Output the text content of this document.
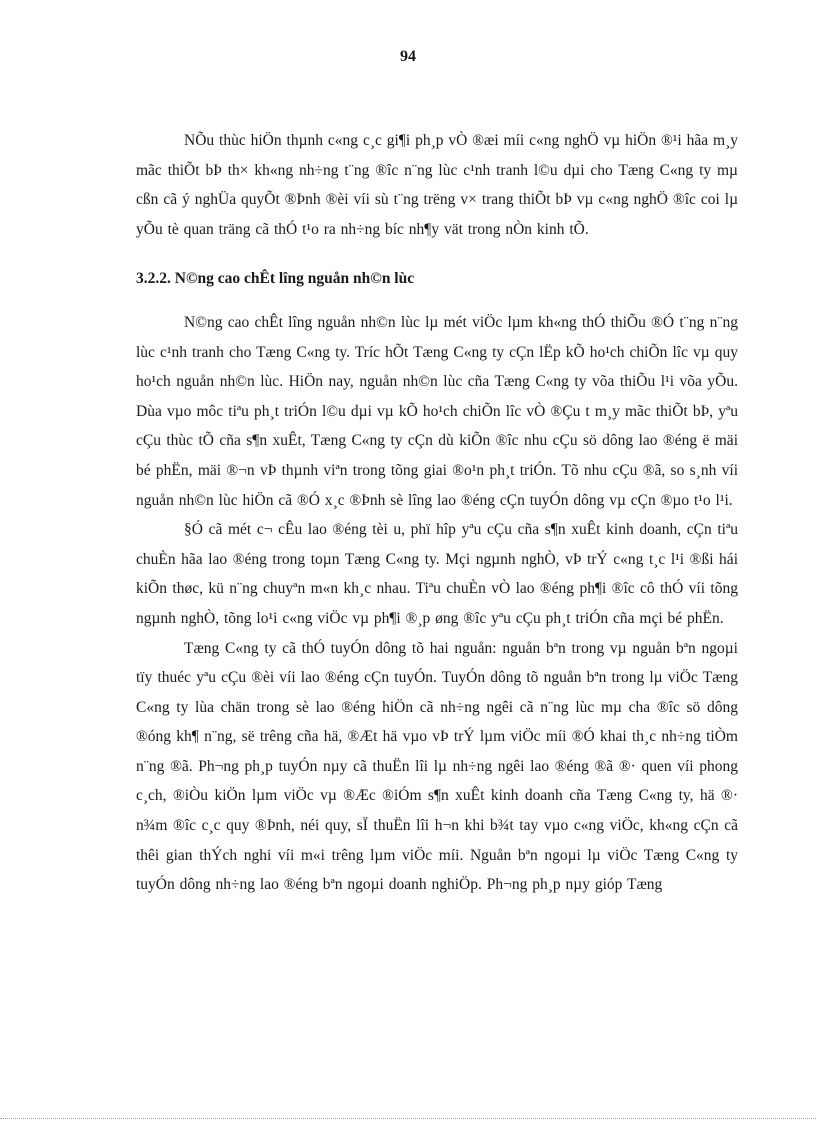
94

NÕu thùc hiÖn thµnh c«ng c¸c gi¶i ph¸p vÒ ®æi míi c«ng nghÖ vµ hiÖn ®¹i hãa m¸y mãc thiÕt bÞ th× kh«ng nh÷ng t¨ng ®îc n¨ng lùc c¹nh tranh l©u dµi cho Tæng C«ng ty mµ cßn cã ý nghÜa quyÕt ®Þnh ®èi víi sù t¨ng trëng v× trang thiÕt bÞ vµ c«ng nghÖ ®îc coi lµ yÕu tè quan träng cã thÓ t¹o ra nh÷ng bíc nh¶y vät trong nÒn kinh tÕ.

3.2.2. N©ng cao chÊt lîng nguån nh©n lùc

N©ng cao chÊt lîng nguån nh©n lùc lµ mét viÖc lµm kh«ng thÓ thiÕu ®Ó t¨ng n¨ng lùc c¹nh tranh cho Tæng C«ng ty. Tríc hÕt Tæng C«ng ty cÇn lËp kÕ ho¹ch chiÕn lîc vµ quy ho¹ch nguån nh©n lùc. HiÖn nay, nguån nh©n lùc cña Tæng C«ng ty võa thiÕu l¹i võa yÕu. Dùa vµo môc tiªu ph¸t triÓn l©u dµi vµ kÕ ho¹ch chiÕn lîc vÒ ®Çu t m¸y mãc thiÕt bÞ, yªu cÇu thùc tÕ cña s¶n xuÊt, Tæng C«ng ty cÇn dù kiÕn ®îc nhu cÇu sö dông lao ®éng ë mäi bé phËn, mäi ®¬n vÞ thµnh viªn trong tõng giai ®o¹n ph¸t triÓn. Tõ nhu cÇu ®ã, so s¸nh víi nguån nh©n lùc hiÖn cã ®Ó x¸c ®Þnh sè lîng lao ®éng cÇn tuyÓn dông vµ cÇn ®µo t¹o l¹i.

§Ó cã mét c¬ cÊu lao ®éng tèi u, phï hîp yªu cÇu cña s¶n xuÊt kinh doanh, cÇn tiªu chuÈn hãa lao ®éng trong toµn Tæng C«ng ty. Mçi ngµnh nghÒ, vÞ trÝ c«ng t¸c l¹i ®ßi hái kiÕn thøc, kü n¨ng chuyªn m«n kh¸c nhau. Tiªu chuÈn vÒ lao ®éng ph¶i ®îc cô thÓ víi tõng ngµnh nghÒ, tõng lo¹i c«ng viÖc vµ ph¶i ®¸p øng ®îc yªu cÇu ph¸t triÓn cña mçi bé phËn.

Tæng C«ng ty cã thÓ tuyÓn dông tõ hai nguån: nguån bªn trong vµ nguån bªn ngoµi tïy thuéc yªu cÇu ®èi víi lao ®éng cÇn tuyÓn. TuyÓn dông tõ nguån bªn trong lµ viÖc Tæng C«ng ty lùa chän trong sè lao ®éng hiÖn cã nh÷ng ngêi cã n¨ng lùc mµ cha ®îc sö dông ®óng kh¶ n¨ng, së trêng cña hä, ®Æt hä vµo vÞ trÝ lµm viÖc míi ®Ó khai th¸c nh÷ng tiÒm n¨ng ®ã. Ph¬ng ph¸p tuyÓn nµy cã thuËn lîi lµ nh÷ng ngêi lao ®éng ®ã ®· quen víi phong c¸ch, ®iÒu kiÖn lµm viÖc vµ ®Æc ®iÓm s¶n xuÊt kinh doanh cña Tæng C«ng ty, hä ®· n¾m ®îc c¸c quy ®Þnh, néi quy, sÏ thuËn lîi h¬n khi b¾t tay vµo c«ng viÖc, kh«ng cÇn cã thêi gian thÝch nghi víi m«i trêng lµm viÖc míi. Nguån bªn ngoµi lµ viÖc Tæng C«ng ty tuyÓn dông nh÷ng lao ®éng bªn ngoµi doanh nghiÖp. Ph¬ng ph¸p nµy gióp Tæng
